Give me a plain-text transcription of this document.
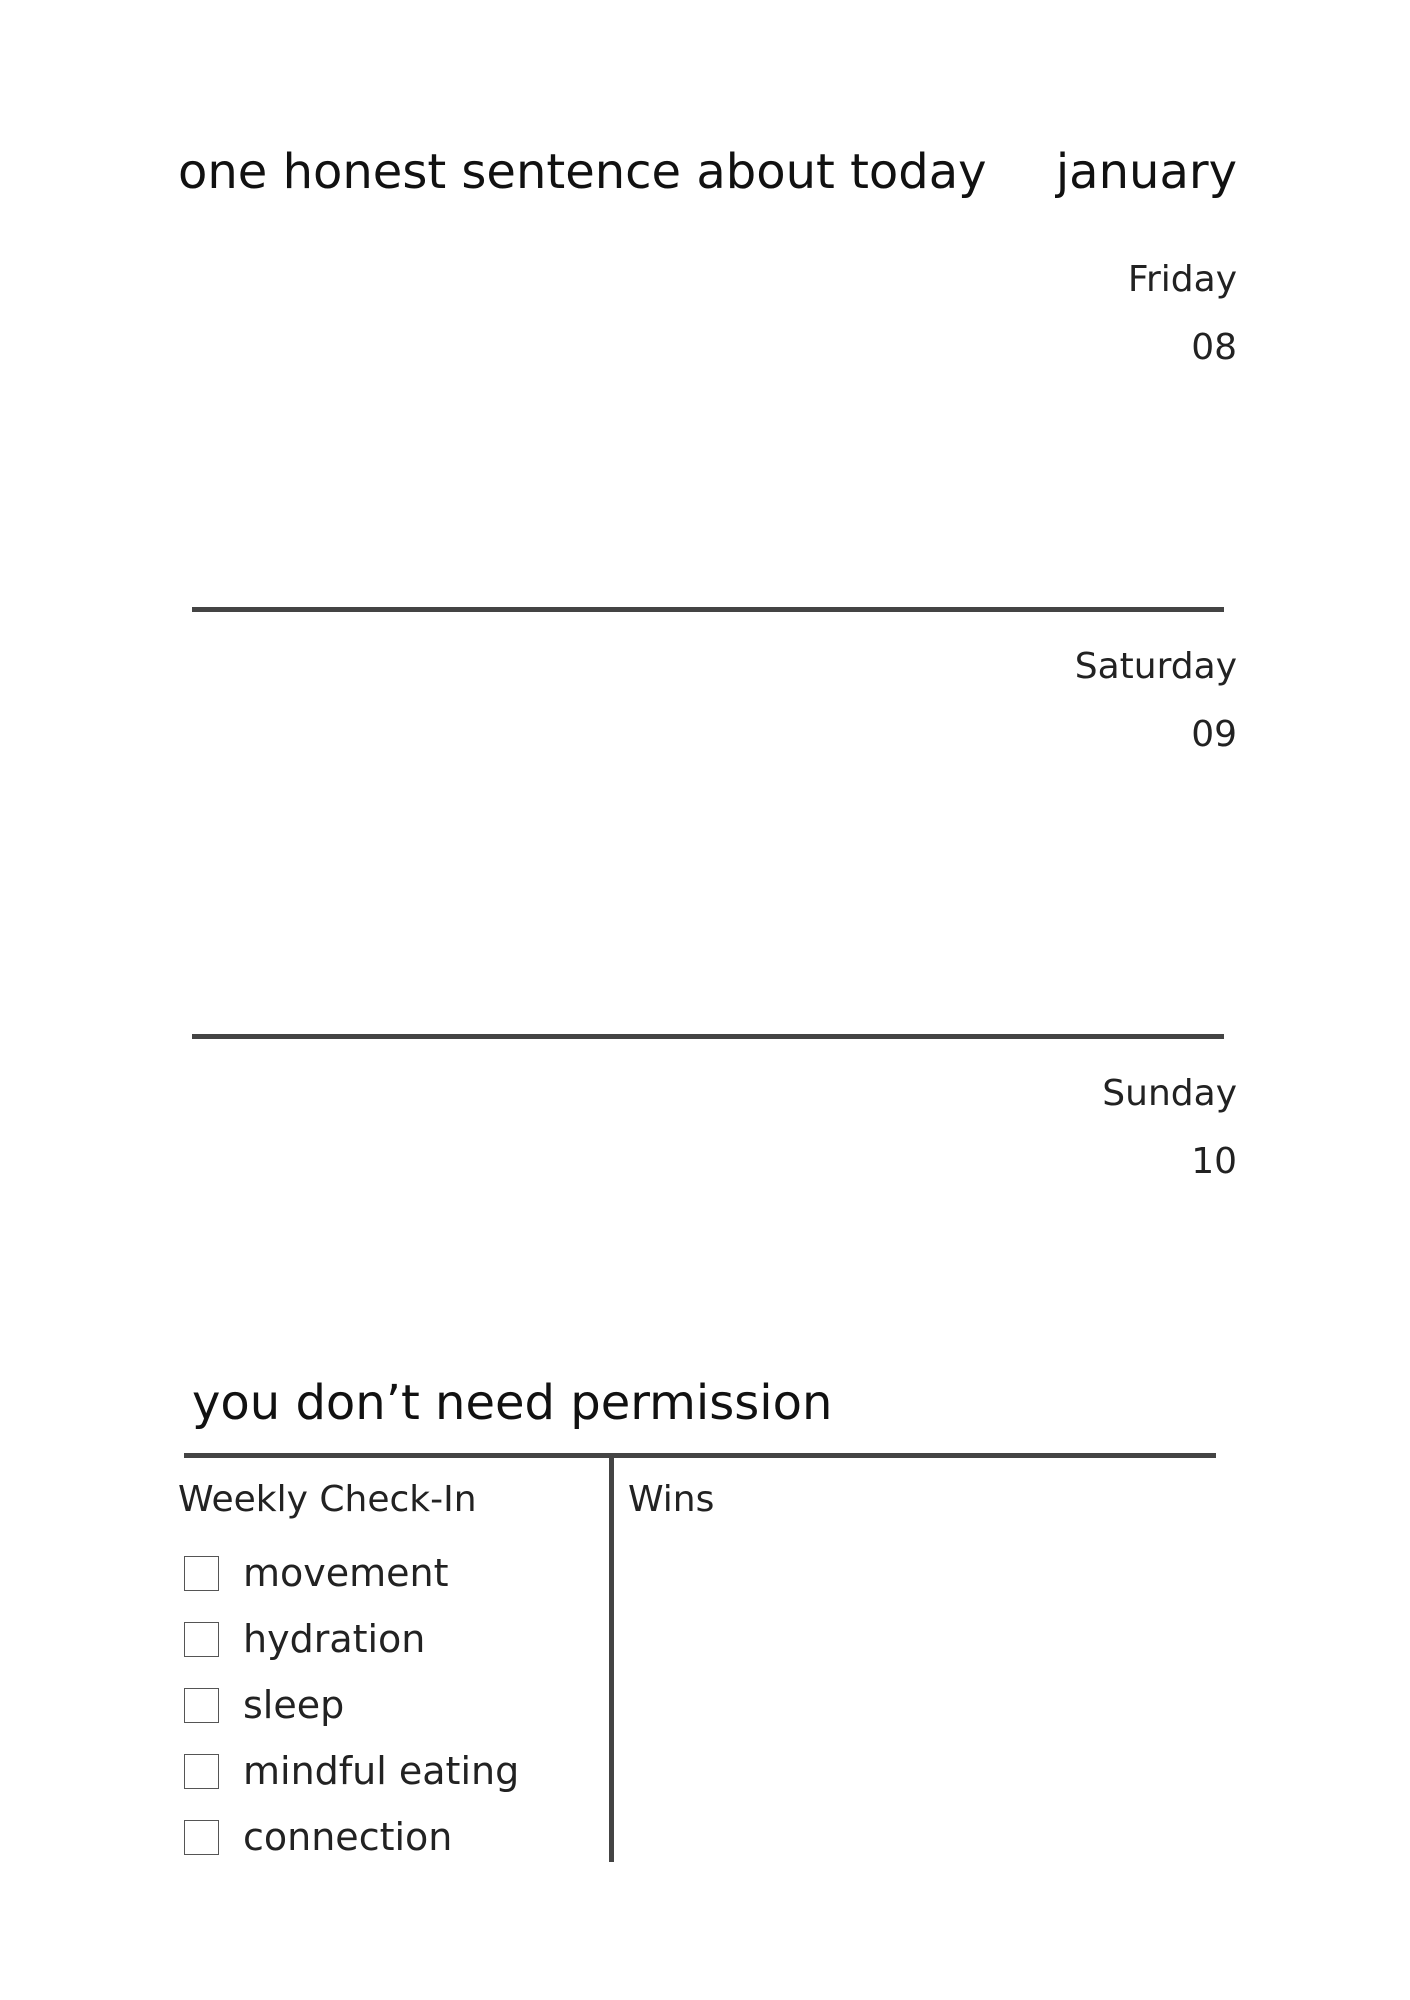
one honest sentence about today january
Friday
08
Saturday
09
Sunday
10
you don’t need permission
Weekly Check-In	Wins
movement
hydration
sleep
mindful eating
connection
